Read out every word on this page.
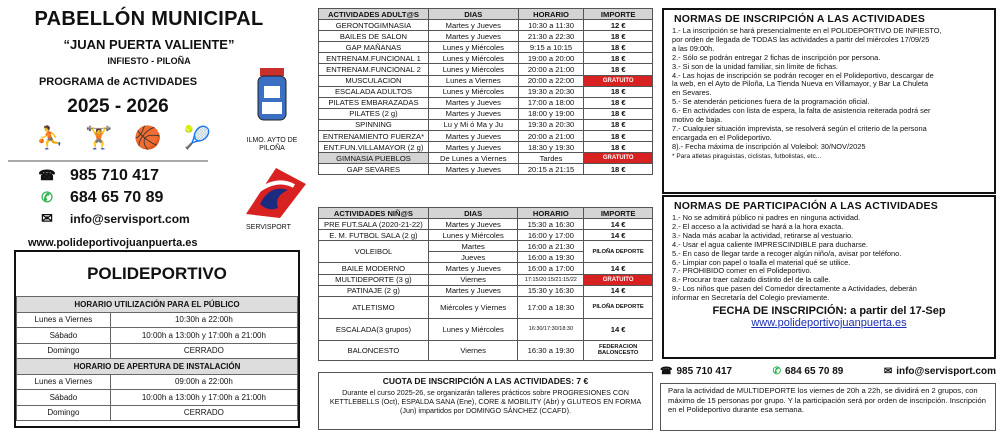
PABELLÓN MUNICIPAL
“JUAN PUERTA VALIENTE”
INFIESTO - PILOÑA
PROGRAMA de ACTIVIDADES
2025 - 2026
⛹ 🏋 🏀 🎾
☎ 985 710 417
✆ 684 65 70 89
✉ info@servisport.com
www.polideportivojuanpuerta.es
ILMO. AYTO DE PILOÑA
SERVISPORT
POLIDEPORTIVO
HORARIO UTILIZACIÓN PARA EL PÚBLICO	
Lunes a Viernes	10:30h a 22:00h
Sábado	10:00h a 13:00h y 17:00h a 21:00h
Domingo	CERRADO
HORARIO DE APERTURA DE INSTALACIÓN	
Lunes a Viernes	09:00h a 22:00h
Sábado	10:00h a 13:00h y 17:00h a 21:00h
Domingo	CERRADO
ACTIVIDADES ADULT@S	DIAS	HORARIO	IMPORTE
GERONTOGIMNASIA	Martes y Jueves	10:30 a 11:30	12 €
BAILES DE SALON	Martes y Jueves	21:30 a 22:30	18 €
GAP MAÑANAS	Lunes y Miércoles	9:15 a 10:15	18 €
ENTRENAM.FUNCIONAL 1	Lunes y Miércoles	19:00 a 20:00	18 €
ENTRENAM.FUNCIONAL 2	Lunes y Miércoles	20:00 a 21:00	18 €
MUSCULACION	Lunes a Viernes	20:00 a 22:00	GRATUITO
ESCALADA ADULTOS	Lunes y Miércoles	19:30 a 20:30	18 €
PILATES EMBARAZADAS	Martes y Jueves	17:00 a 18:00	18 €
PILATES (2 g)	Martes y Jueves	18:00 y 19:00	18 €
SPINNING	Lu y Mi ó Ma y Ju	19:30 a 20:30	18 €
ENTRENAMIENTO FUERZA*	Martes y Jueves	20:00 a 21:00	18 €
ENT.FUN.VILLAMAYOR (2 g)	Martes y Jueves	18:30 y 19:30	18 €
GIMNASIA PUEBLOS	De Lunes a Viernes	Tardes	GRATUITO
GAP SEVARES	Martes y Jueves	20:15 a 21:15	18 €
ACTIVIDADES NIÑ@S	DIAS	HORARIO	IMPORTE
PRE FUT.SALA (2020-21-22)	Martes y Jueves	15:30 a 16:30	14 €
E. M. FUTBOL SALA (2 g)	Lunes y Miércoles	16:00 y 17:00	14 €
VOLEIBOL	Martes	16:00 a 21:30	PILOÑA DEPORTE
	Jueves	16:00 a 19:30	
BAILE MODERNO	Martes y Jueves	16:00 a 17:00	14 €
MULTIDEPORTE (3 g)	Viernes	17:15/20:15/21:15/22	GRATUITO
PATINAJE (2 g)	Martes y Jueves	15:30 y 16:30	14 €
ATLETISMO	Miércoles y Viernes	17:00 a 18:30	PILOÑA DEPORTE
ESCALADA(3 grupos)	Lunes y Miércoles	16:30/17:30/18:30	14 €
BALONCESTO	Viernes	16:30 a 19:30	FEDERACION BALONCESTO
CUOTA DE INSCRIPCIÓN A LAS ACTIVIDADES: 7 €
Durante el curso 2025-26, se organizarán talleres prácticos sobre PROGRESIONES CON KETTLEBELLS (Oct), ESPALDA SANA (Ene), CORE & MOBILITY (Abr) y GLUTEOS EN FORMA (Jun) impartidos por DOMINGO SÁNCHEZ (CCAFD).
NORMAS DE INSCRIPCIÓN A LAS ACTIVIDADES
1.- La inscripción se hará presencialmente en el POLIDEPORTIVO DE INFIESTO,
por orden de llegada de TODAS las actividades a partir del miércoles 17/09/25
a las 09:00h.
2.- Sólo se podrán entregar 2 fichas de inscripción por persona.
3.- Si son de la unidad familiar, sin límite de fichas.
4.- Las hojas de inscripción se podrán recoger en el Polideportivo, descargar de
la web, en el Ayto de Piloña, La Tienda Nueva en Villamayor, y Bar La Chuleta
en Sevares.
5.- Se atenderán peticiones fuera de la programación oficial.
6.- En actividades con lista de espera, la falta de asistencia reiterada podrá ser
motivo de baja.
7.- Cualquier situación imprevista, se resolverá según el criterio de la persona
encargada en el Polideportivo.
8).- Fecha máxima de inscripción al Voleibol: 30/NOV/2025
* Para atletas piraguistas, ciclistas, futbolistas, etc...
NORMAS DE PARTICIPACIÓN A LAS ACTIVIDADES
1.- No se admitirá público ni padres en ninguna actividad.
2.- El acceso a la actividad se hará a la hora exacta.
3.- Nada más acabar la actividad, retirarse al vestuario.
4.- Usar el agua caliente IMPRESCINDIBLE para ducharse.
5.- En caso de llegar tarde a recoger algún niño/a, avisar por teléfono.
6.- Limpiar con papel o toalla el material qué se utilice.
7.- PROHIBIDO comer en el Polideportivo.
8.- Procurar traer calzado distinto del de la calle.
9.- Los niños que pasen del Comedor directamente a Actividades, deberán
informar en Secretaría del Colegio previamente.
FECHA DE INSCRIPCIÓN: a partir del 17-Sep
www.polideportivojuanpuerta.es
☎ 985 710 417	✆ 684 65 70 89	✉ info@servisport.com
Para la actividad de MULTIDEPORTE los viernes de 20h a 22h, se dividirá en 2 grupos, con máximo de 15 personas por grupo. Y la participación será por orden de inscripción. Inscripción en el Polideportivo durante esa semana.
